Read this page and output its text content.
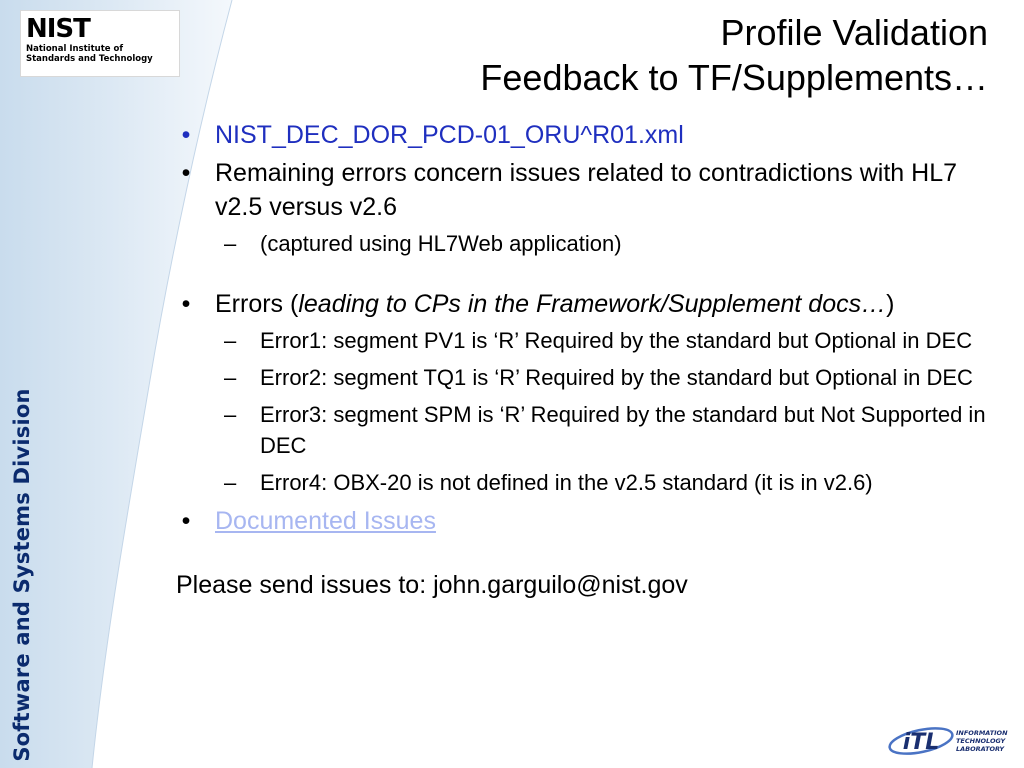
Software and Systems Division
NIST
National Institute of
Standards and Technology
Profile Validation
Feedback to TF/Supplements…
• NIST_DEC_DOR_PCD-01_ORU^R01.xml
• Remaining errors concern issues related to contradictions with HL7 v2.5 versus v2.6
– (captured using HL7Web application)
• Errors (leading to CPs in the Framework/Supplement docs…)
– Error1: segment PV1 is ‘R’ Required by the standard but Optional in DEC
– Error2: segment TQ1 is ‘R’ Required by the standard but Optional in DEC
– Error3: segment SPM is ‘R’ Required by the standard but Not Supported in DEC
– Error4: OBX-20 is not defined in the v2.5 standard (it is in v2.6)
• Documented Issues

Please send issues to: john.garguilo@nist.gov

iTL	INFORMATION
TECHNOLOGY
LABORATORY
